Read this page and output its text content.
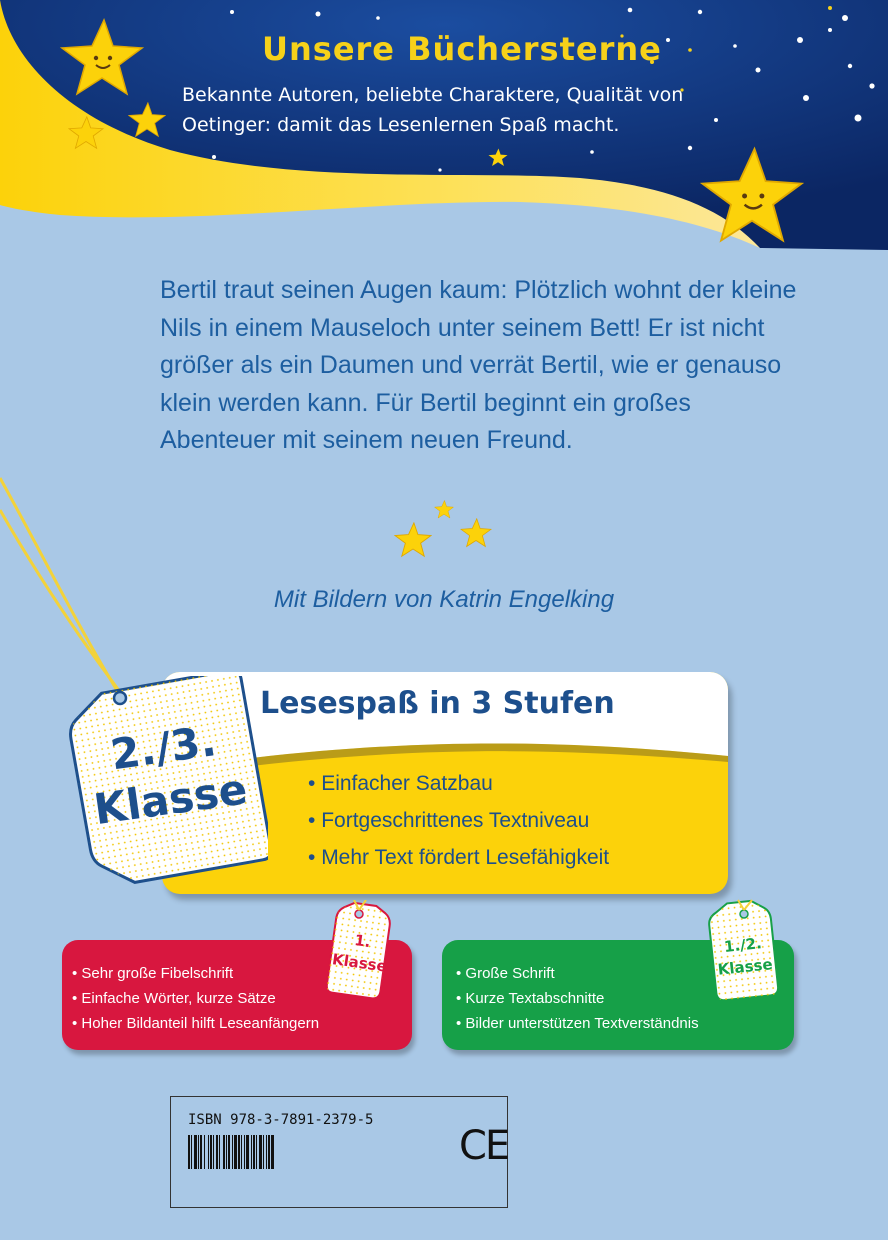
Unsere Büchersterne
Bekannte Autoren, beliebte Charaktere, Qualität von Oetinger: damit das Lesenlernen Spaß macht.
Bertil traut seinen Augen kaum: Plötzlich wohnt der kleine Nils in einem Mauseloch unter seinem Bett! Er ist nicht größer als ein Daumen und verrät Bertil, wie er genauso klein werden kann. Für Bertil beginnt ein großes Abenteuer mit seinem neuen Freund.
Mit Bildern von Katrin Engelking
Lesespaß in 3 Stufen
• Einfacher Satzbau
• Fortgeschrittenes Textniveau
• Mehr Text fördert Lesefähigkeit
2./3.
Klasse
• Sehr große Fibelschrift
• Einfache Wörter, kurze Sätze
• Hoher Bildanteil hilft Leseanfängern
1.
Klasse	• Große Schrift
• Kurze Textabschnitte
• Bilder unterstützen Textverständnis
1./2.
Klasse
ISBN 978-3-7891-2379-5
CE
